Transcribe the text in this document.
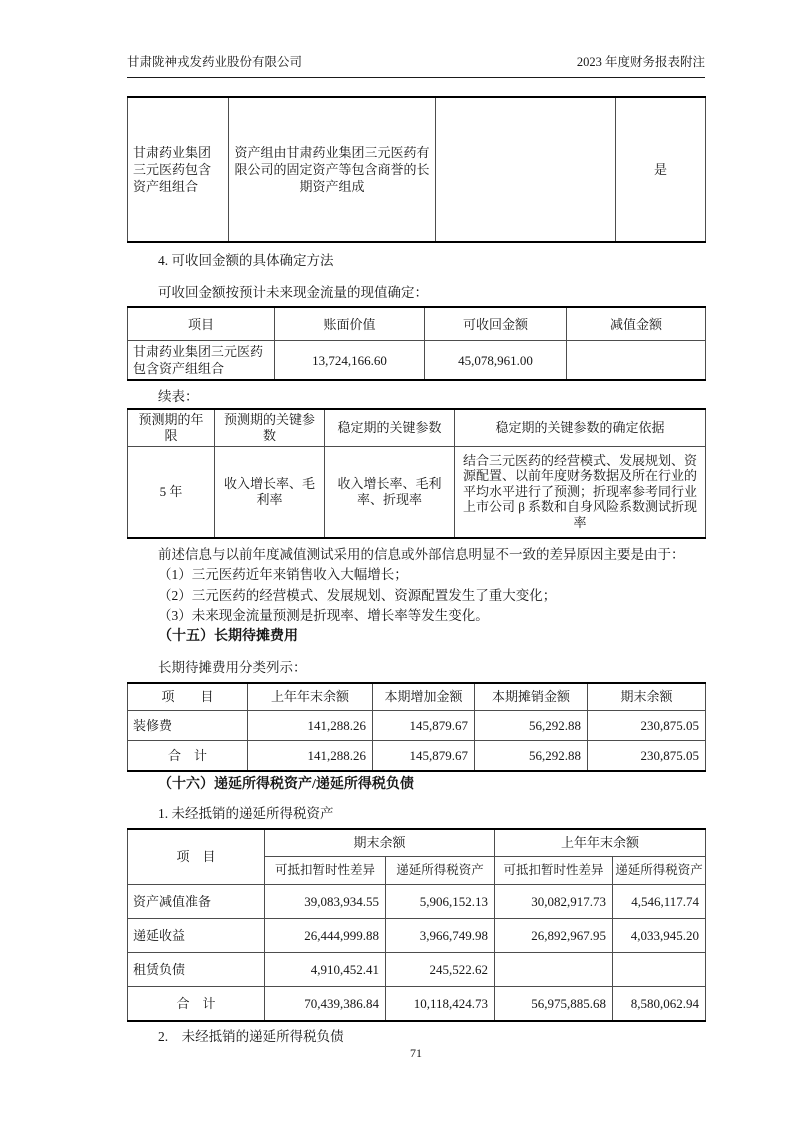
甘肃陇神戎发药业股份有限公司	2023 年度财务报表附注
甘肃药业集团三元医药包含资产组组合	资产组由甘肃药业集团三元医药有限公司的固定资产等包含商誉的长期资产组成		是

4. 可收回金额的具体确定方法

可收回金额按预计未来现金流量的现值确定：

项目	账面价值	可收回金额	减值金额
甘肃药业集团三元医药包含资产组组合	13,724,166.60	45,078,961.00	

续表：

预测期的年限	预测期的关键参数	稳定期的关键参数	稳定期的关键参数的确定依据
5 年	收入增长率、毛利率	收入增长率、毛利率、折现率	结合三元医药的经营模式、发展规划、资源配置、以前年度财务数据及所在行业的平均水平进行了预测；折现率参考同行业上市公司 β 系数和自身风险系数测试折现率

前述信息与以前年度减值测试采用的信息或外部信息明显不一致的差异原因主要是由于：

（1）三元医药近年来销售收入大幅增长；

（2）三元医药的经营模式、发展规划、资源配置发生了重大变化；

（3）未来现金流量预测是折现率、增长率等发生变化。

（十五）长期待摊费用

长期待摊费用分类列示：

项　　目	上年年末余额	本期增加金额	本期摊销金额	期末余额
装修费	141,288.26	145,879.67	56,292.88	230,875.05
合　计	141,288.26	145,879.67	56,292.88	230,875.05

（十六）递延所得税资产/递延所得税负债

1. 未经抵销的递延所得税资产

项　目	期末余额		上年年末余额	
	可抵扣暂时性差异	递延所得税资产	可抵扣暂时性差异	递延所得税资产
资产减值准备	39,083,934.55	5,906,152.13	30,082,917.73	4,546,117.74
递延收益	26,444,999.88	3,966,749.98	26,892,967.95	4,033,945.20
租赁负债	4,910,452.41	245,522.62		
合　计	70,439,386.84	10,118,424.73	56,975,885.68	8,580,062.94

2.　未经抵销的递延所得税负债

71
